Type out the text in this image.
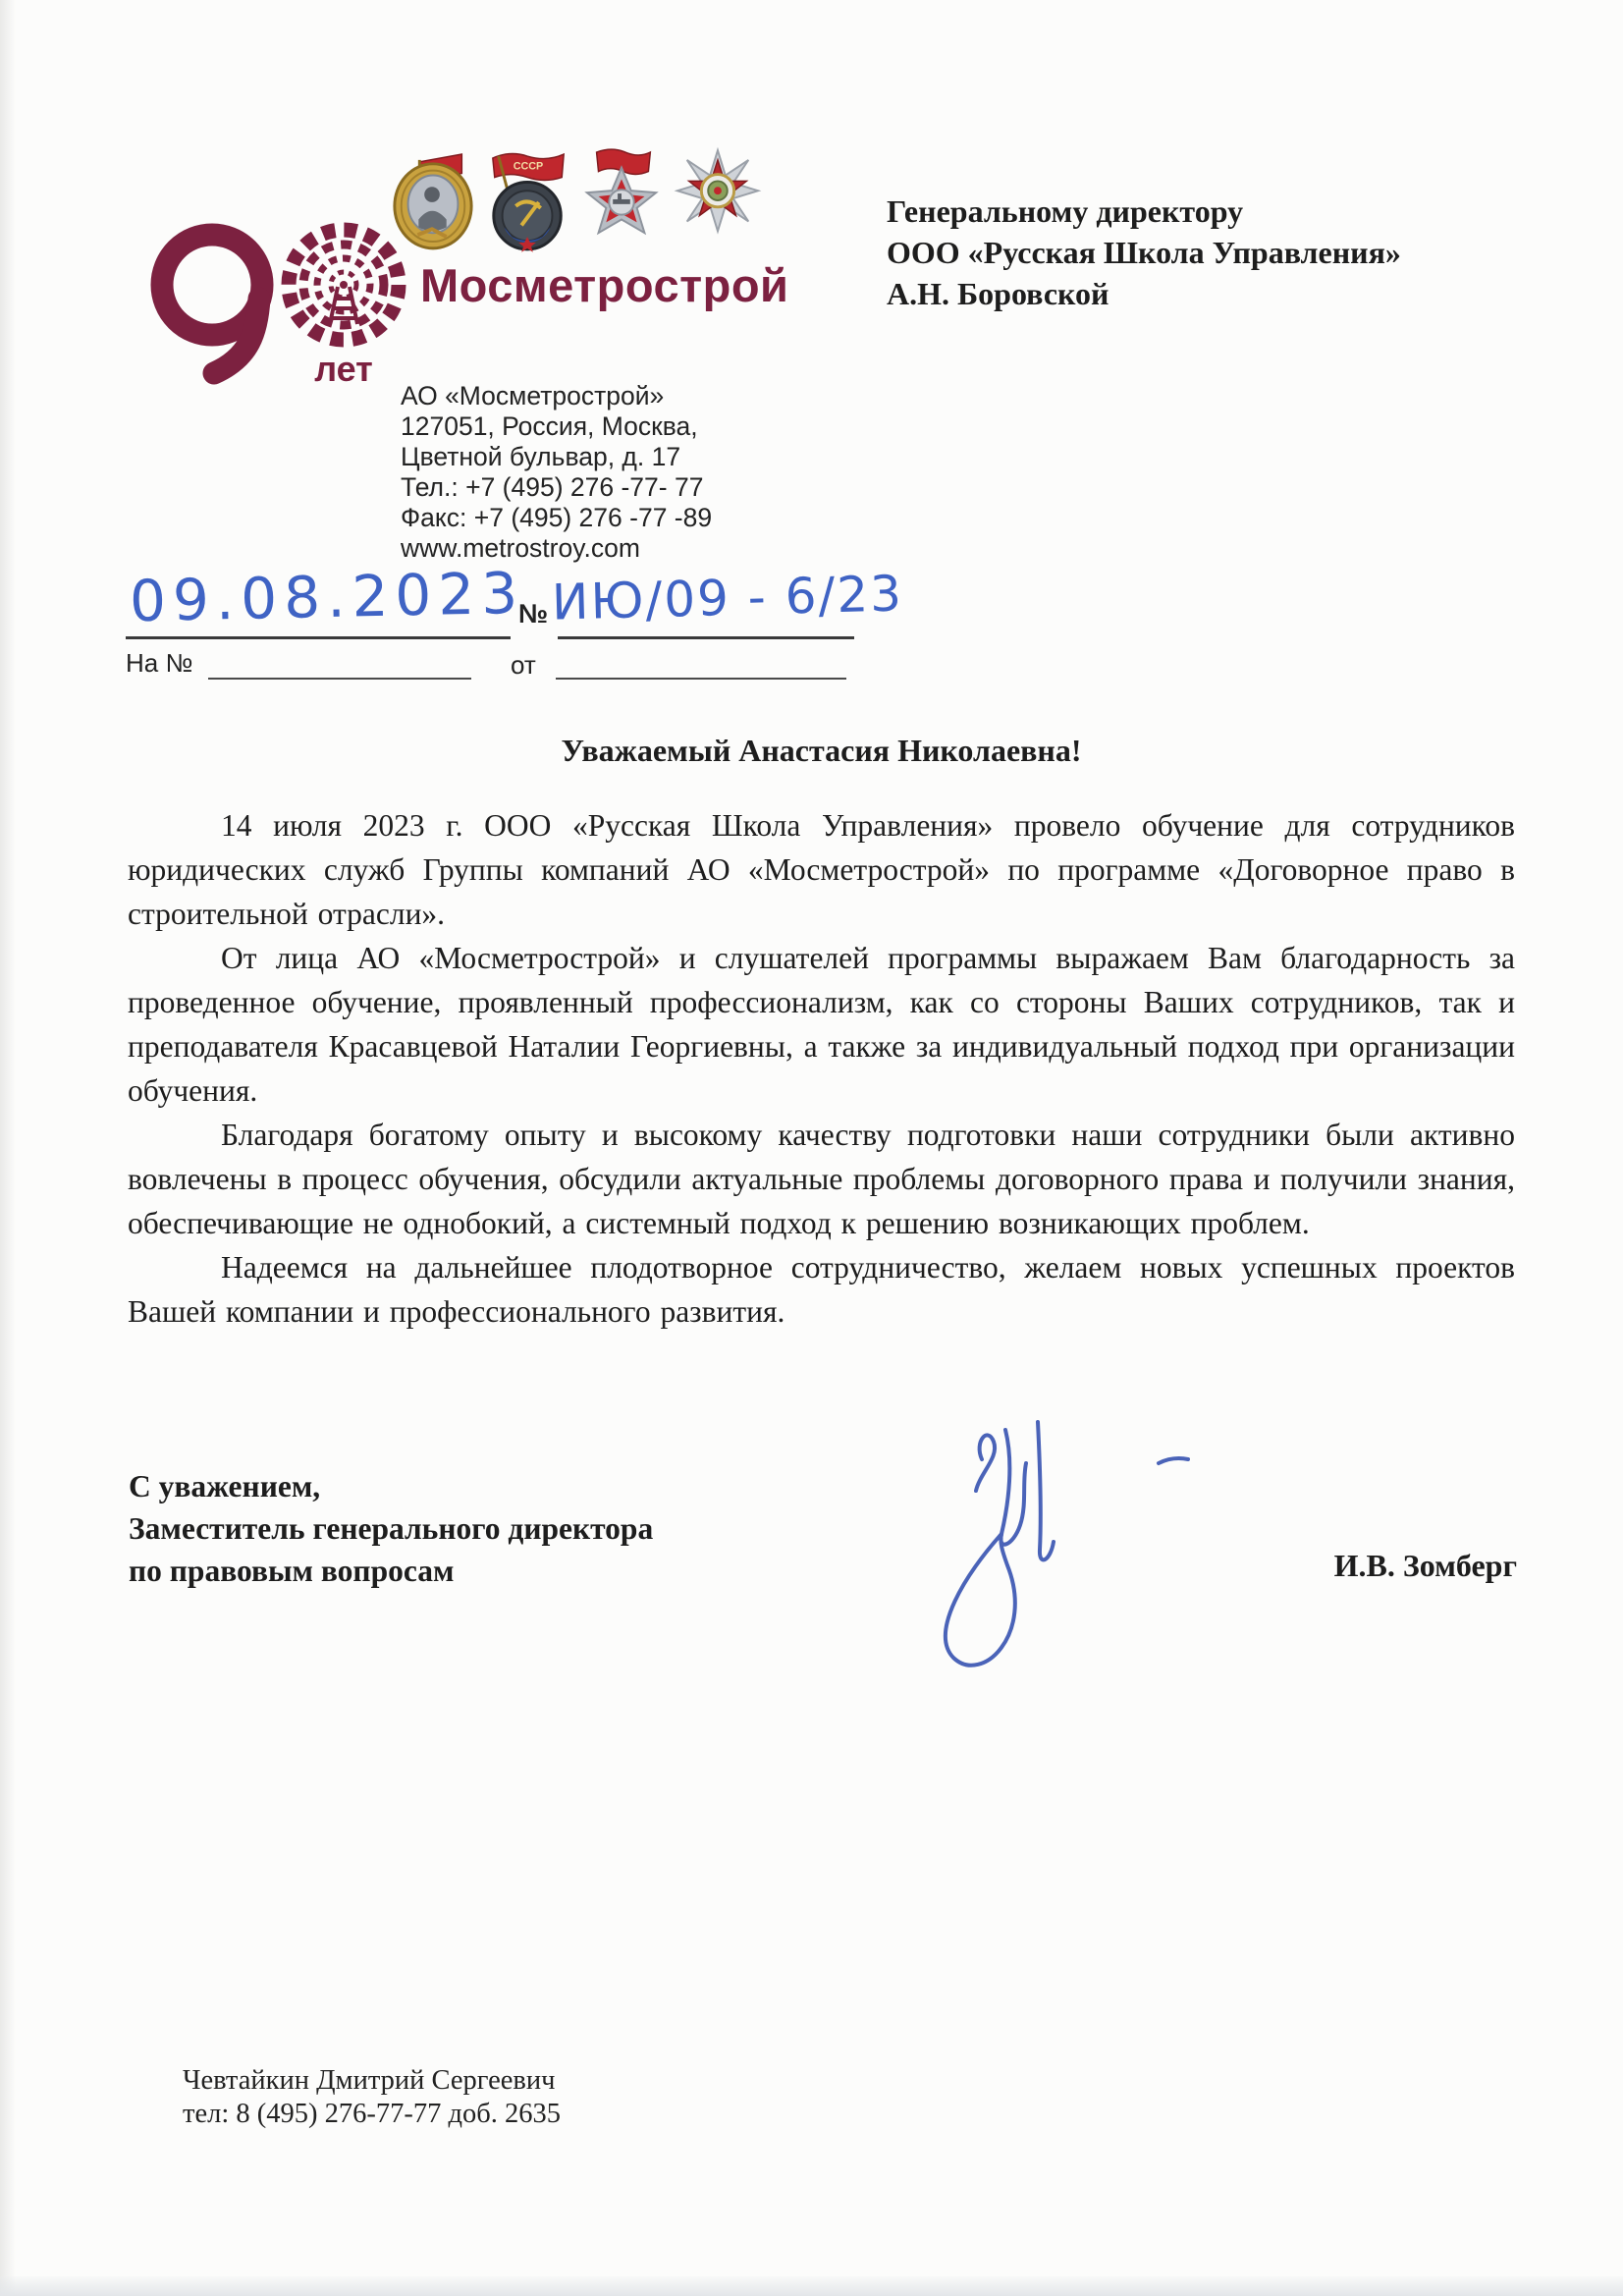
СССР
лет
Мосметрострой
АО «Мосметрострой»
127051, Россия, Москва,
Цветной бульвар, д. 17
Тел.: +7 (495) 276 -77- 77
Факс: +7 (495) 276 -77 -89
www.metrostroy.com
Генеральному директору
ООО «Русская Школа Управления»
А.Н. Боровской
09.08.2023
№ ИЮ/09 - 6/23
На №	от
Уважаемый Анастасия Николаевна!

14 июля 2023 г. ООО «Русская Школа Управления» провело обучение для сотрудников юридических служб Группы компаний АО «Мосметрострой» по программе «Договорное право в строительной отрасли».

От лица АО «Мосметрострой» и слушателей программы выражаем Вам благодарность за проведенное обучение, проявленный профессионализм, как со стороны Ваших сотрудников, так и преподавателя Красавцевой Наталии Георгиевны, а также за индивидуальный подход при организации обучения.

Благодаря богатому опыту и высокому качеству подготовки наши сотрудники были активно вовлечены в процесс обучения, обсудили актуальные проблемы договорного права и получили знания, обеспечивающие не однобокий, а системный подход к решению возникающих проблем.

Надеемся на дальнейшее плодотворное сотрудничество, желаем новых успешных проектов Вашей компании и профессионального развития.

С уважением,
Заместитель генерального директора
по правовым вопросам	И.В. Зомберг
Чевтайкин Дмитрий Сергеевич
тел: 8 (495) 276-77-77 доб. 2635
